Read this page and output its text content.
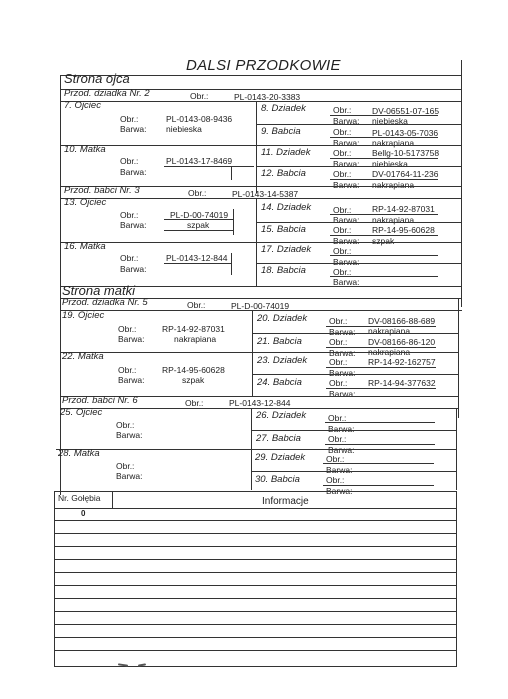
DALSI PRZODKOWIE
Strona ojca
Przod. dziadka Nr. 2	Obr.:	PL-0143-20-3383
7. Ojciec
Obr.:	PL-0143-08-9436
Barwa: niebieska
8. Dziadek	Obr.: DV-06551-07-165
Barwa: niebieska
9. Babcia	Obr.: PL-0143-05-7036
Barwa: nakrapiana
10. Matka
Obr.:	PL-0143-17-8469
Barwa:
11. Dziadek	Obr.: Bellg-10-5173758
Barwa: niebieska
12. Babcia	Obr.: DV-01764-11-236
Barwa: nakrapiana
Przod. babci Nr. 3	Obr.:	PL-0143-14-5387
13. Ojciec
Obr.:	PL-D-00-74019
Barwa:	szpak
14. Dziadek	Obr.: RP-14-92-87031
Barwa: nakrapiana
15. Babcia	Obr.: RP-14-95-60628
Barwa: szpak
16. Matka
Obr.:	PL-0143-12-844
Barwa:
17. Dziadek	Obr.:
Barwa:
18. Babcia	Obr.:
Barwa:
Strona matki
Przod. dziadka Nr. 5	Obr.:	PL-D-00-74019
19. Ojciec
Obr.:	RP-14-92-87031
Barwa:	nakrapiana
20. Dziadek	Obr.: DV-08166-88-689
Barwa: nakrapiana
21. Babcia	Obr.: DV-08166-86-120
Barwa: nakrapiana
22. Matka
Obr.:	RP-14-95-60628
Barwa:	szpak
23. Dziadek	Obr.: RP-14-92-162757
Barwa:
24. Babcia	Obr.: RP-14-94-377632
Barwa:
Przod. babci Nr. 6	Obr.:	PL-0143-12-844
25. Ojciec
Obr.:
Barwa:
26. Dziadek	Obr.:
Barwa:
27. Babcia	Obr.:
Barwa:
28. Matka
Obr.:
Barwa:
29. Dziadek Obr.:
Barwa:
30. Babcia	Obr.:
Barwa:
Nr. Gołębia	Informacje
0
